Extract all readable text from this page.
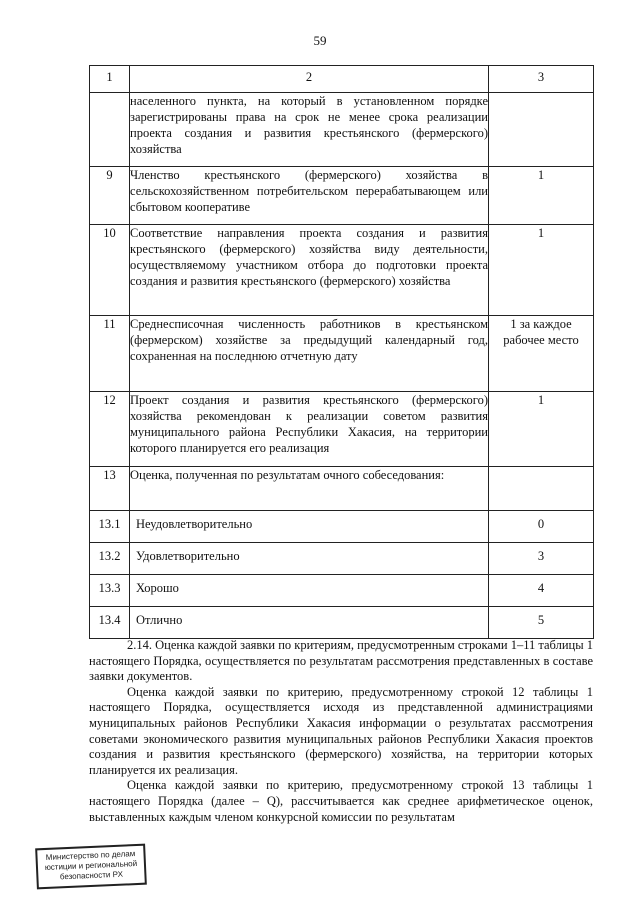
59
1	2	3
	населенного пункта, на который в установленном порядке зарегистрированы права на срок не менее срока реализации проекта создания и развития крестьянского (фермерского) хозяйства	
9	Членство крестьянского (фермерского) хозяйства в сельскохозяйственном потребительском перерабатывающем или сбытовом кооперативе	1
10	Соответствие направления проекта создания и развития крестьянского (фермерского) хозяйства виду деятельности, осуществляемому участником отбора до подготовки проекта создания и развития крестьянского (фермерского) хозяйства	1
11	Среднесписочная численность работников в крестьянском (фермерском) хозяйстве за предыдущий календарный год, сохраненная на последнюю отчетную дату	1 за каждое рабочее место
12	Проект создания и развития крестьянского (фермерского) хозяйства рекомендован к реализации советом развития муниципального района Республики Хакасия, на территории которого планируется его реализация	1
13	Оценка, полученная по результатам очного собеседования:	
13.1	Неудовлетворительно	0
13.2	Удовлетворительно	3
13.3	Хорошо	4
13.4	Отлично	5

2.14. Оценка каждой заявки по критериям, предусмотренным строками 1–11 таблицы 1 настоящего Порядка, осуществляется по результатам рассмотрения представленных в составе заявки документов.

Оценка каждой заявки по критерию, предусмотренному строкой 12 таблицы 1 настоящего Порядка, осуществляется исходя из представленной администрациями муниципальных районов Республики Хакасия информации о результатах рассмотрения советами экономического развития муниципальных районов Республики Хакасия проектов создания и развития крестьянского (фермерского) хозяйства, на территории которых планируется их реализация.

Оценка каждой заявки по критерию, предусмотренному строкой 13 таблицы 1 настоящего Порядка (далее – Q), рассчитывается как среднее арифметическое оценок, выставленных каждым членом конкурсной комиссии по результатам

Министерство по делам
юстиции и региональной
безопасности РХ
